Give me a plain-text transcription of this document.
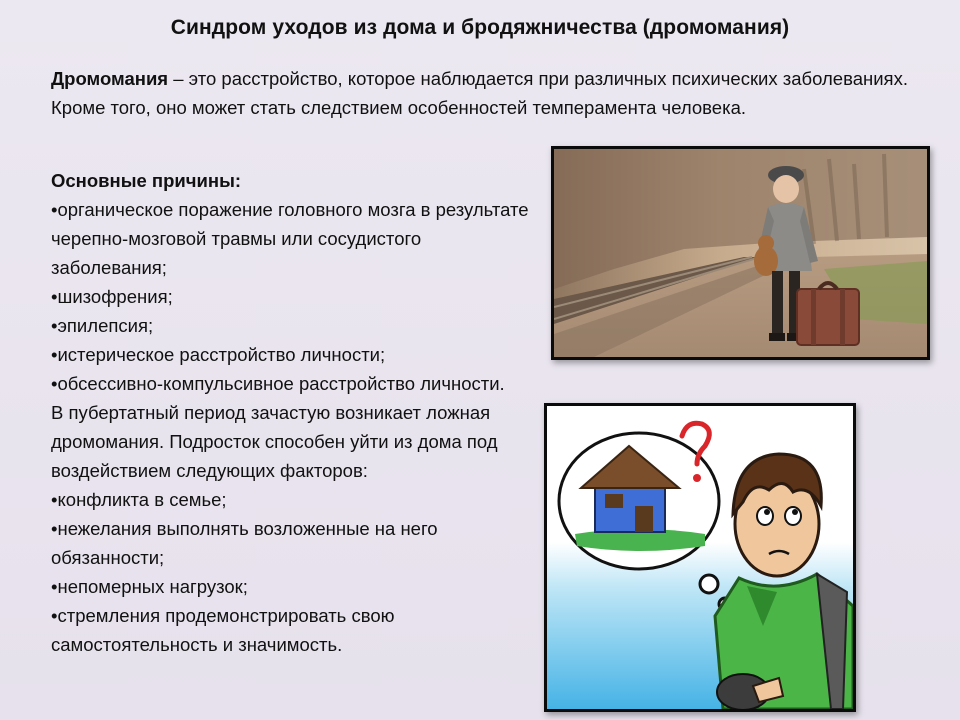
Синдром уходов из дома и бродяжничества (дромомания)
Дромомания – это расстройство, которое наблюдается при различных психических заболеваниях. Кроме того, оно может стать следствием особенностей темперамента человека.

Основные причины:

•органическое поражение головного мозга в результате черепно-мозговой травмы или сосудистого заболевания;

•шизофрения;

•эпилепсия;

•истерическое расстройство личности;

•обсессивно-компульсивное расстройство личности.

В пубертатный период зачастую возникает ложная дромомания. Подросток способен уйти из дома под воздействием следующих факторов:

•конфликта в семье;

•нежелания выполнять возложенные на него обязанности;

•непомерных нагрузок;

•стремления продемонстрировать свою самостоятельность и значимость.
